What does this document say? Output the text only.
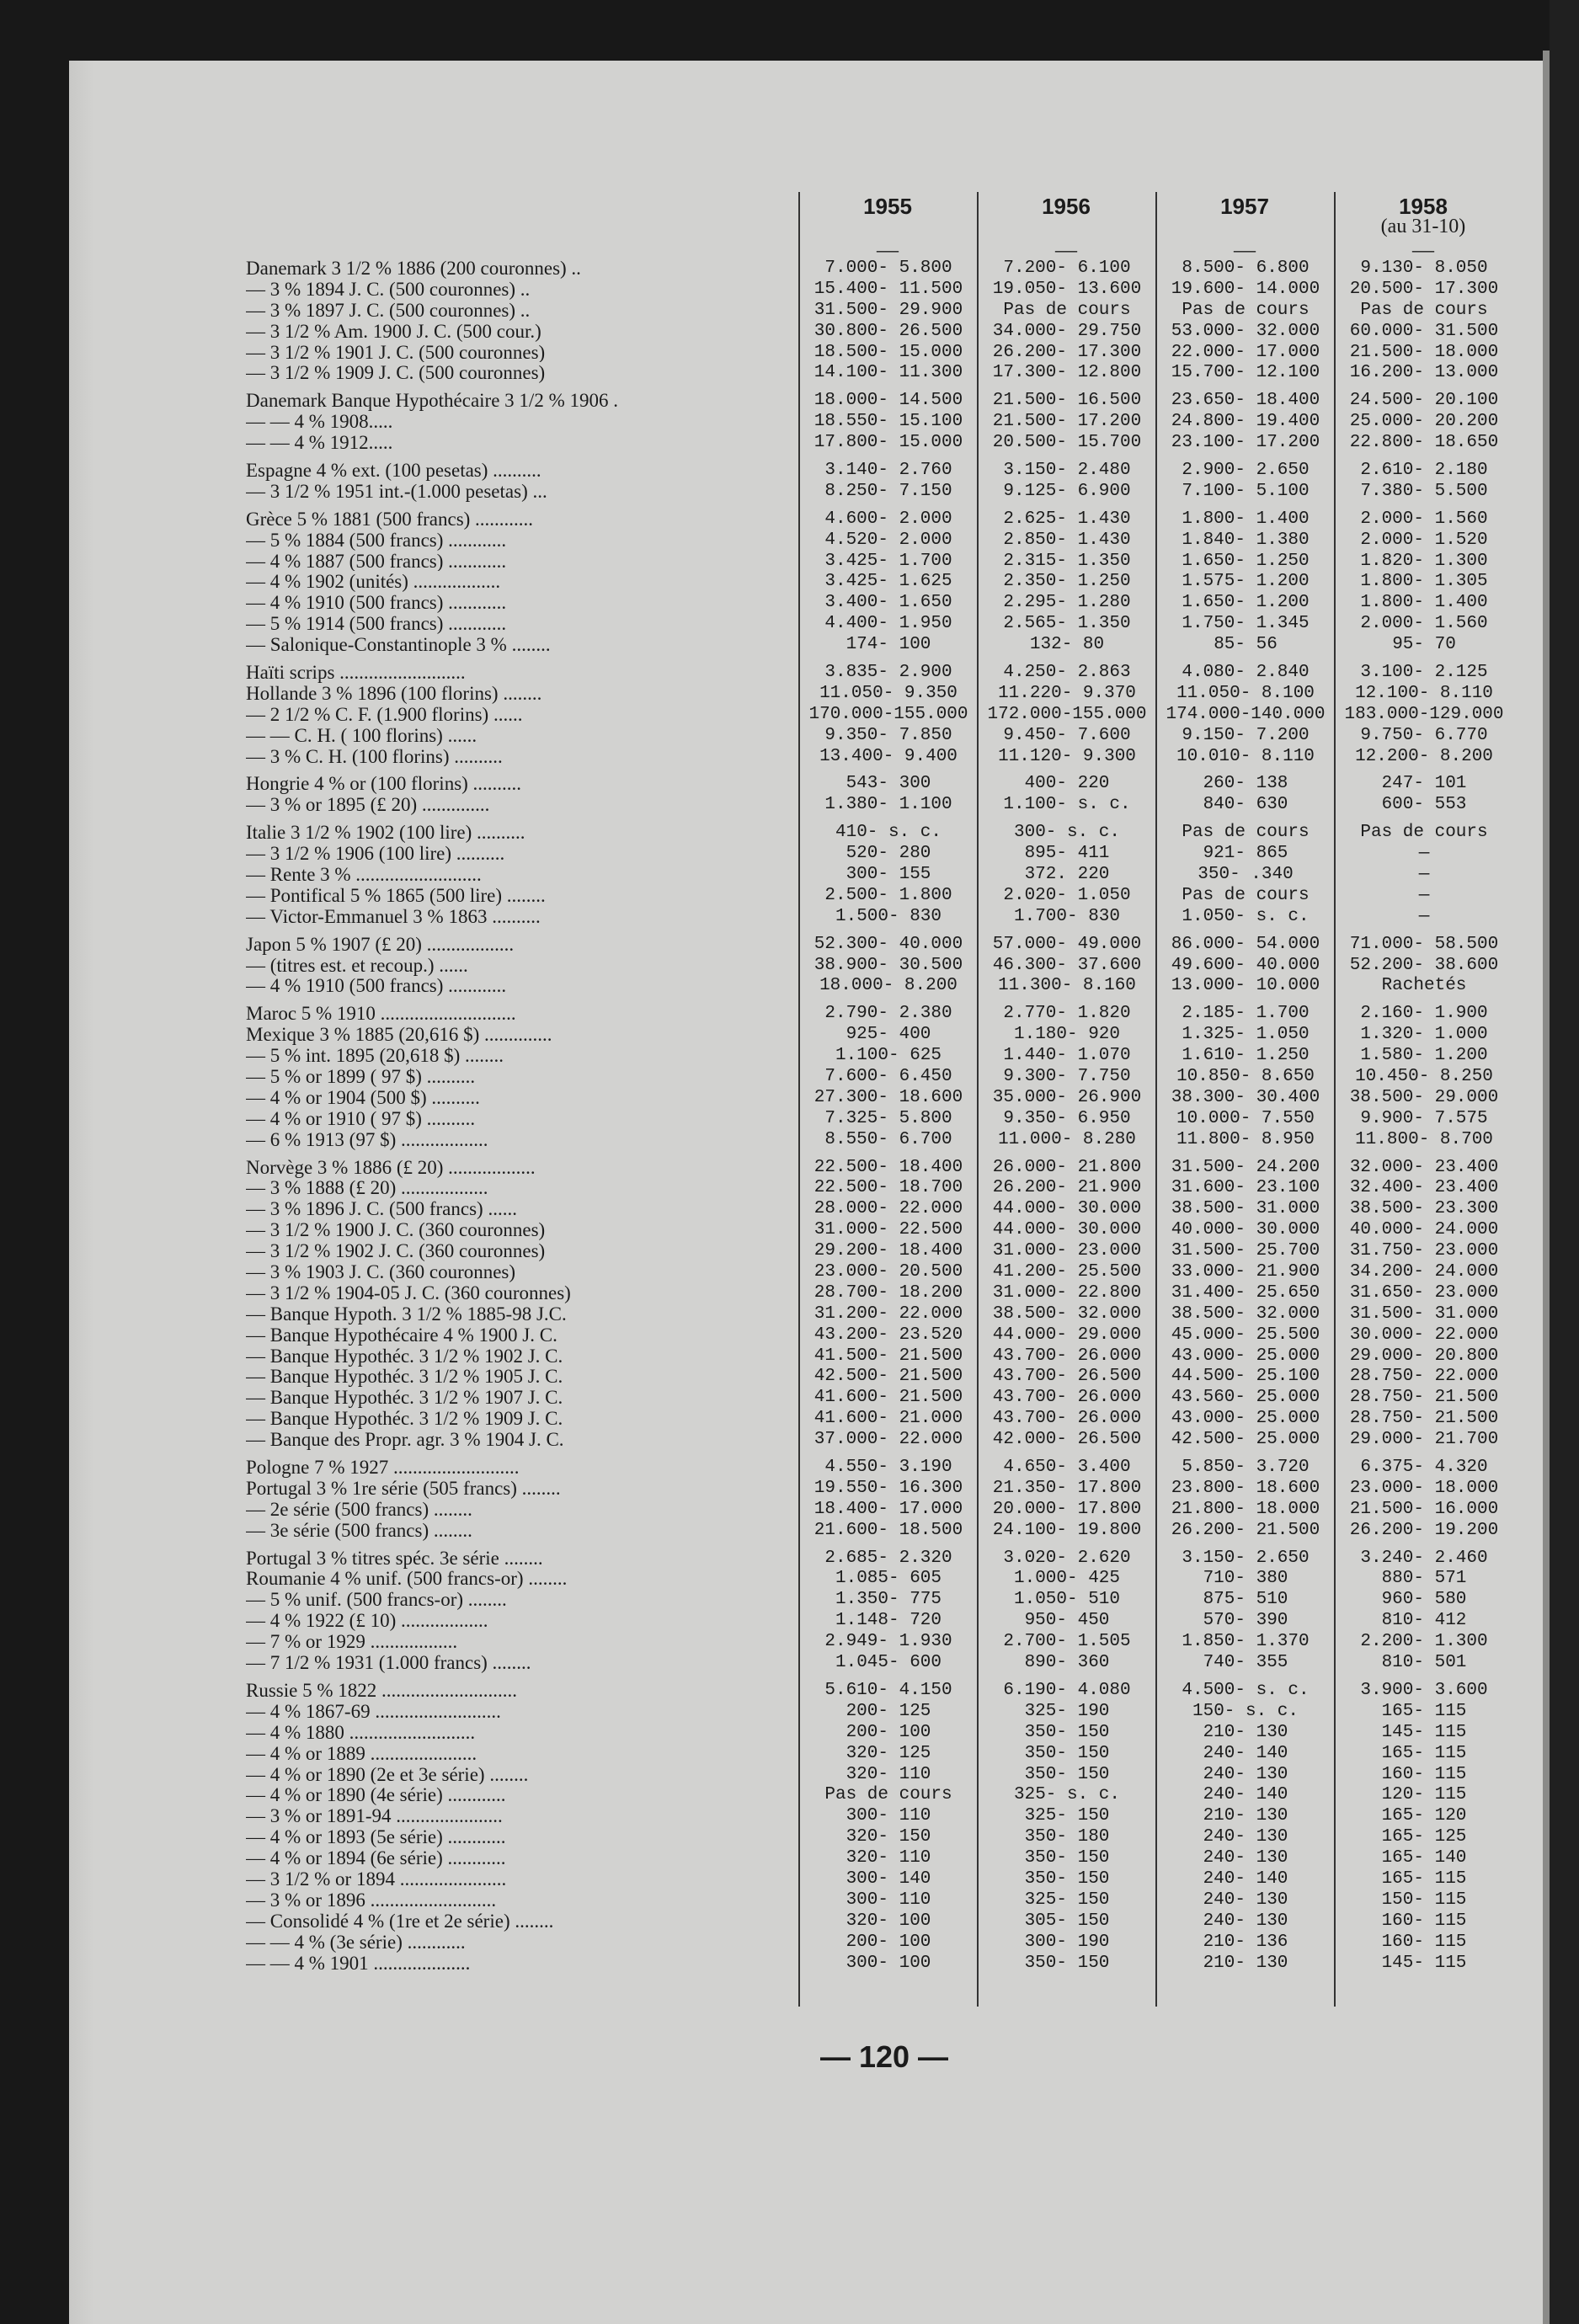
1955	1956	1957	1958
(au 31-10)
—	—	—	—
Danemark 3 1/2 % 1886 (200 couronnes) ..	7.000- 5.800	7.200- 6.100	8.500- 6.800	9.130- 8.050
— 3 % 1894 J. C. (500 couronnes) ..	15.400- 11.500	19.050- 13.600	19.600- 14.000	20.500- 17.300
— 3 % 1897 J. C. (500 couronnes) ..	31.500- 29.900	Pas de cours	Pas de cours	Pas de cours
— 3 1/2 % Am. 1900 J. C. (500 cour.)	30.800- 26.500	34.000- 29.750	53.000- 32.000	60.000- 31.500
— 3 1/2 % 1901 J. C. (500 couronnes)	18.500- 15.000	26.200- 17.300	22.000- 17.000	21.500- 18.000
— 3 1/2 % 1909 J. C. (500 couronnes)	14.100- 11.300	17.300- 12.800	15.700- 12.100	16.200- 13.000
Danemark Banque Hypothécaire 3 1/2 % 1906 .	18.000- 14.500	21.500- 16.500	23.650- 18.400	24.500- 20.100
— — 4 % 1908.....	18.550- 15.100	21.500- 17.200	24.800- 19.400	25.000- 20.200
— — 4 % 1912.....	17.800- 15.000	20.500- 15.700	23.100- 17.200	22.800- 18.650
Espagne 4 % ext. (100 pesetas) ..........	3.140- 2.760	3.150- 2.480	2.900- 2.650	2.610- 2.180
— 3 1/2 % 1951 int.-(1.000 pesetas) ...	8.250- 7.150	9.125- 6.900	7.100- 5.100	7.380- 5.500
Grèce 5 % 1881 (500 francs) ............	4.600- 2.000	2.625- 1.430	1.800- 1.400	2.000- 1.560
— 5 % 1884 (500 francs) ............	4.520- 2.000	2.850- 1.430	1.840- 1.380	2.000- 1.520
— 4 % 1887 (500 francs) ............	3.425- 1.700	2.315- 1.350	1.650- 1.250	1.820- 1.300
— 4 % 1902 (unités) ..................	3.425- 1.625	2.350- 1.250	1.575- 1.200	1.800- 1.305
— 4 % 1910 (500 francs) ............	3.400- 1.650	2.295- 1.280	1.650- 1.200	1.800- 1.400
— 5 % 1914 (500 francs) ............	4.400- 1.950	2.565- 1.350	1.750- 1.345	2.000- 1.560
— Salonique-Constantinople 3 % ........	174- 100	132- 80	85- 56	95- 70
Haïti scrips ..........................	3.835- 2.900	4.250- 2.863	4.080- 2.840	3.100- 2.125
Hollande 3 % 1896 (100 florins) ........	11.050- 9.350	11.220- 9.370	11.050- 8.100	12.100- 8.110
— 2 1/2 % C. F. (1.900 florins) ......	170.000-155.000	172.000-155.000	174.000-140.000	183.000-129.000
— — C. H. ( 100 florins) ......	9.350- 7.850	9.450- 7.600	9.150- 7.200	9.750- 6.770
— 3 % C. H. (100 florins) ..........	13.400- 9.400	11.120- 9.300	10.010- 8.110	12.200- 8.200
Hongrie 4 % or (100 florins) ..........	543- 300	400- 220	260- 138	247- 101
— 3 % or 1895 (£ 20) ..............	1.380- 1.100	1.100- s. c.	840- 630	600- 553
Italie 3 1/2 % 1902 (100 lire) ..........	410- s. c.	300- s. c.	Pas de cours	Pas de cours
— 3 1/2 % 1906 (100 lire) ..........	520- 280	895- 411	921- 865	—
— Rente 3 % ..........................	300- 155	372. 220	350- .340	—
— Pontifical 5 % 1865 (500 lire) ........	2.500- 1.800	2.020- 1.050	Pas de cours	—
— Victor-Emmanuel 3 % 1863 ..........	1.500- 830	1.700- 830	1.050- s. c.	—
Japon 5 % 1907 (£ 20) ..................	52.300- 40.000	57.000- 49.000	86.000- 54.000	71.000- 58.500
— (titres est. et recoup.) ......	38.900- 30.500	46.300- 37.600	49.600- 40.000	52.200- 38.600
— 4 % 1910 (500 francs) ............	18.000- 8.200	11.300- 8.160	13.000- 10.000	Rachetés
Maroc 5 % 1910 ............................	2.790- 2.380	2.770- 1.820	2.185- 1.700	2.160- 1.900
Mexique 3 % 1885 (20,616 $) ..............	925- 400	1.180- 920	1.325- 1.050	1.320- 1.000
— 5 % int. 1895 (20,618 $) ........	1.100- 625	1.440- 1.070	1.610- 1.250	1.580- 1.200
— 5 % or 1899 ( 97 $) ..........	7.600- 6.450	9.300- 7.750	10.850- 8.650	10.450- 8.250
— 4 % or 1904 (500 $) ..........	27.300- 18.600	35.000- 26.900	38.300- 30.400	38.500- 29.000
— 4 % or 1910 ( 97 $) ..........	7.325- 5.800	9.350- 6.950	10.000- 7.550	9.900- 7.575
— 6 % 1913 (97 $) ..................	8.550- 6.700	11.000- 8.280	11.800- 8.950	11.800- 8.700
Norvège 3 % 1886 (£ 20) ..................	22.500- 18.400	26.000- 21.800	31.500- 24.200	32.000- 23.400
— 3 % 1888 (£ 20) ..................	22.500- 18.700	26.200- 21.900	31.600- 23.100	32.400- 23.400
— 3 % 1896 J. C. (500 francs) ......	28.000- 22.000	44.000- 30.000	38.500- 31.000	38.500- 23.300
— 3 1/2 % 1900 J. C. (360 couronnes)	31.000- 22.500	44.000- 30.000	40.000- 30.000	40.000- 24.000
— 3 1/2 % 1902 J. C. (360 couronnes)	29.200- 18.400	31.000- 23.000	31.500- 25.700	31.750- 23.000
— 3 % 1903 J. C. (360 couronnes)	23.000- 20.500	41.200- 25.500	33.000- 21.900	34.200- 24.000
— 3 1/2 % 1904-05 J. C. (360 couronnes)	28.700- 18.200	31.000- 22.800	31.400- 25.650	31.650- 23.000
— Banque Hypoth. 3 1/2 % 1885-98 J.C.	31.200- 22.000	38.500- 32.000	38.500- 32.000	31.500- 31.000
— Banque Hypothécaire 4 % 1900 J. C.	43.200- 23.520	44.000- 29.000	45.000- 25.500	30.000- 22.000
— Banque Hypothéc. 3 1/2 % 1902 J. C.	41.500- 21.500	43.700- 26.000	43.000- 25.000	29.000- 20.800
— Banque Hypothéc. 3 1/2 % 1905 J. C.	42.500- 21.500	43.700- 26.500	44.500- 25.100	28.750- 22.000
— Banque Hypothéc. 3 1/2 % 1907 J. C.	41.600- 21.500	43.700- 26.000	43.560- 25.000	28.750- 21.500
— Banque Hypothéc. 3 1/2 % 1909 J. C.	41.600- 21.000	43.700- 26.000	43.000- 25.000	28.750- 21.500
— Banque des Propr. agr. 3 % 1904 J. C.	37.000- 22.000	42.000- 26.500	42.500- 25.000	29.000- 21.700
Pologne 7 % 1927 ..........................	4.550- 3.190	4.650- 3.400	5.850- 3.720	6.375- 4.320
Portugal 3 % 1re série (505 francs) ........	19.550- 16.300	21.350- 17.800	23.800- 18.600	23.000- 18.000
— 2e série (500 francs) ........	18.400- 17.000	20.000- 17.800	21.800- 18.000	21.500- 16.000
— 3e série (500 francs) ........	21.600- 18.500	24.100- 19.800	26.200- 21.500	26.200- 19.200
Portugal 3 % titres spéc. 3e série ........	2.685- 2.320	3.020- 2.620	3.150- 2.650	3.240- 2.460
Roumanie 4 % unif. (500 francs-or) ........	1.085- 605	1.000- 425	710- 380	880- 571
— 5 % unif. (500 francs-or) ........	1.350- 775	1.050- 510	875- 510	960- 580
— 4 % 1922 (£ 10) ..................	1.148- 720	950- 450	570- 390	810- 412
— 7 % or 1929 ..................	2.949- 1.930	2.700- 1.505	1.850- 1.370	2.200- 1.300
— 7 1/2 % 1931 (1.000 francs) ........	1.045- 600	890- 360	740- 355	810- 501
Russie 5 % 1822 ............................	5.610- 4.150	6.190- 4.080	4.500- s. c.	3.900- 3.600
— 4 % 1867-69 ..........................	200- 125	325- 190	150- s. c.	165- 115
— 4 % 1880 ..........................	200- 100	350- 150	210- 130	145- 115
— 4 % or 1889 ......................	320- 125	350- 150	240- 140	165- 115
— 4 % or 1890 (2e et 3e série) ........	320- 110	350- 150	240- 130	160- 115
— 4 % or 1890 (4e série) ............	Pas de cours	325- s. c.	240- 140	120- 115
— 3 % or 1891-94 ......................	300- 110	325- 150	210- 130	165- 120
— 4 % or 1893 (5e série) ............	320- 150	350- 180	240- 130	165- 125
— 4 % or 1894 (6e série) ............	320- 110	350- 150	240- 130	165- 140
— 3 1/2 % or 1894 ......................	300- 140	350- 150	240- 140	165- 115
— 3 % or 1896 ..........................	300- 110	325- 150	240- 130	150- 115
— Consolidé 4 % (1re et 2e série) ........	320- 100	305- 150	240- 130	160- 115
— — 4 % (3e série) ............	200- 100	300- 190	210- 136	160- 115
— — 4 % 1901 ....................	300- 100	350- 150	210- 130	145- 115
— 120 —
